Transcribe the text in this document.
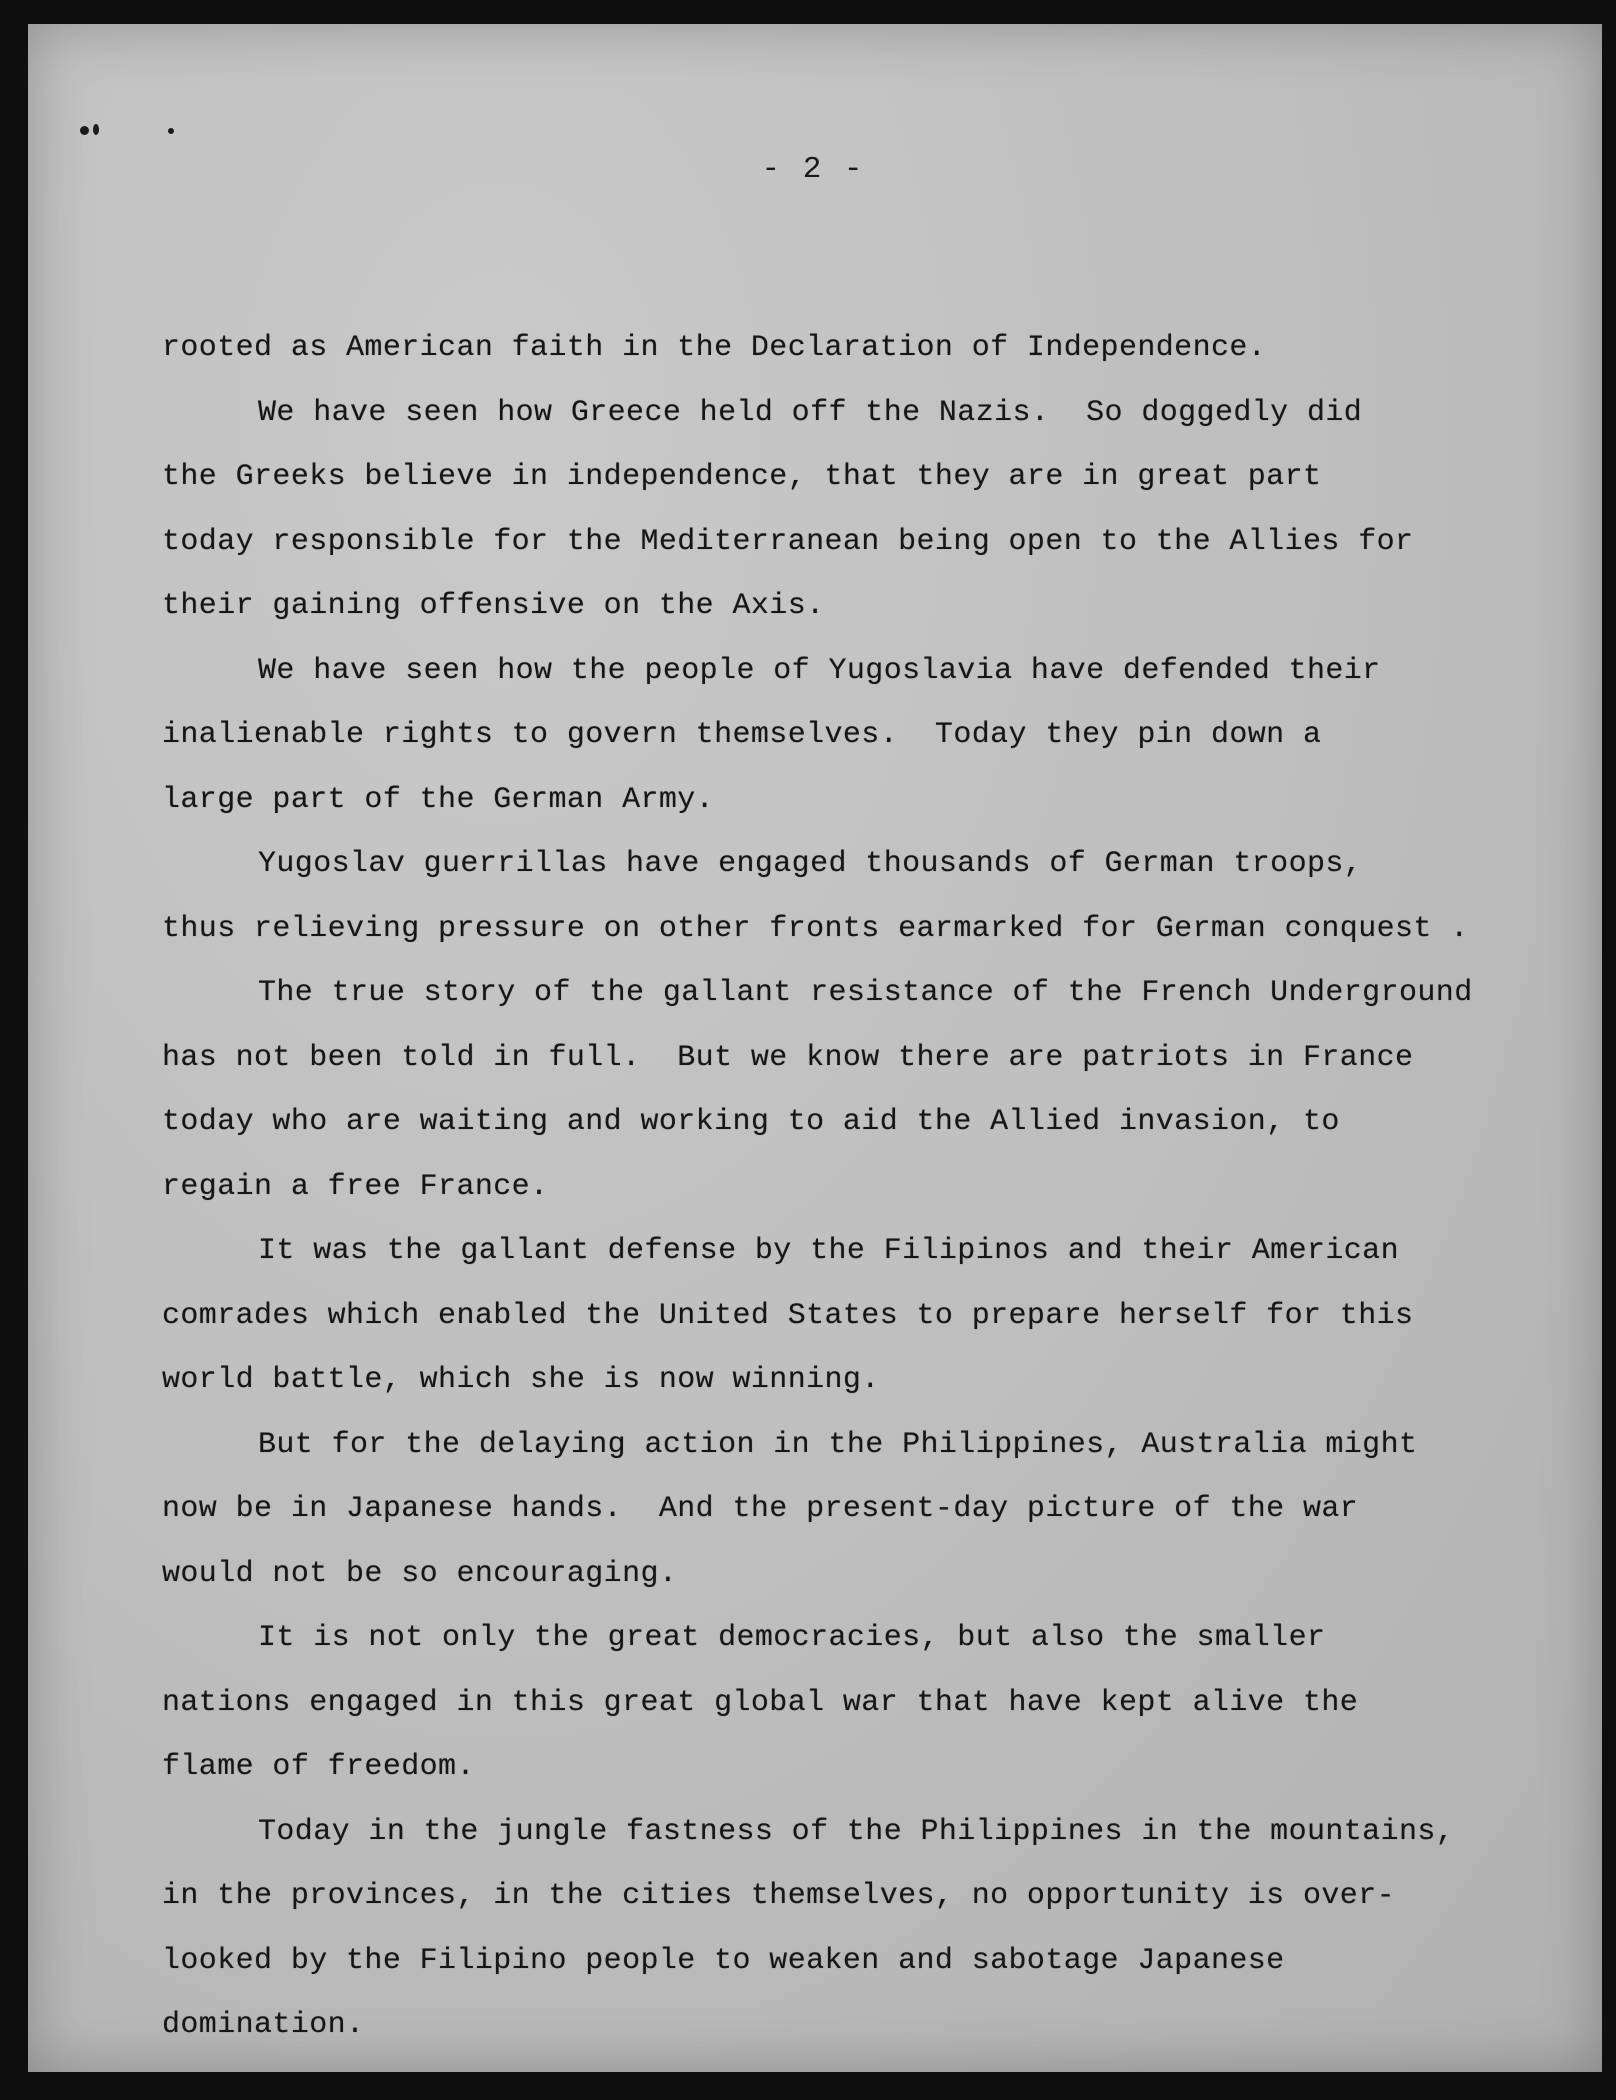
- 2 -
rooted as American faith in the Declaration of Independence.
We have seen how Greece held off the Nazis.  So doggedly did
the Greeks believe in independence, that they are in great part
today responsible for the Mediterranean being open to the Allies for
their gaining offensive on the Axis.
We have seen how the people of Yugoslavia have defended their
inalienable rights to govern themselves.  Today they pin down a
large part of the German Army.
Yugoslav guerrillas have engaged thousands of German troops,
thus relieving pressure on other fronts earmarked for German conquest .
The true story of the gallant resistance of the French Underground
has not been told in full.  But we know there are patriots in France
today who are waiting and working to aid the Allied invasion, to
regain a free France.
It was the gallant defense by the Filipinos and their American
comrades which enabled the United States to prepare herself for this
world battle, which she is now winning.
But for the delaying action in the Philippines, Australia might
now be in Japanese hands.  And the present-day picture of the war
would not be so encouraging.
It is not only the great democracies, but also the smaller
nations engaged in this great global war that have kept alive the
flame of freedom.
Today in the jungle fastness of the Philippines in the mountains,
in the provinces, in the cities themselves, no opportunity is over-
looked by the Filipino people to weaken and sabotage Japanese
domination.
